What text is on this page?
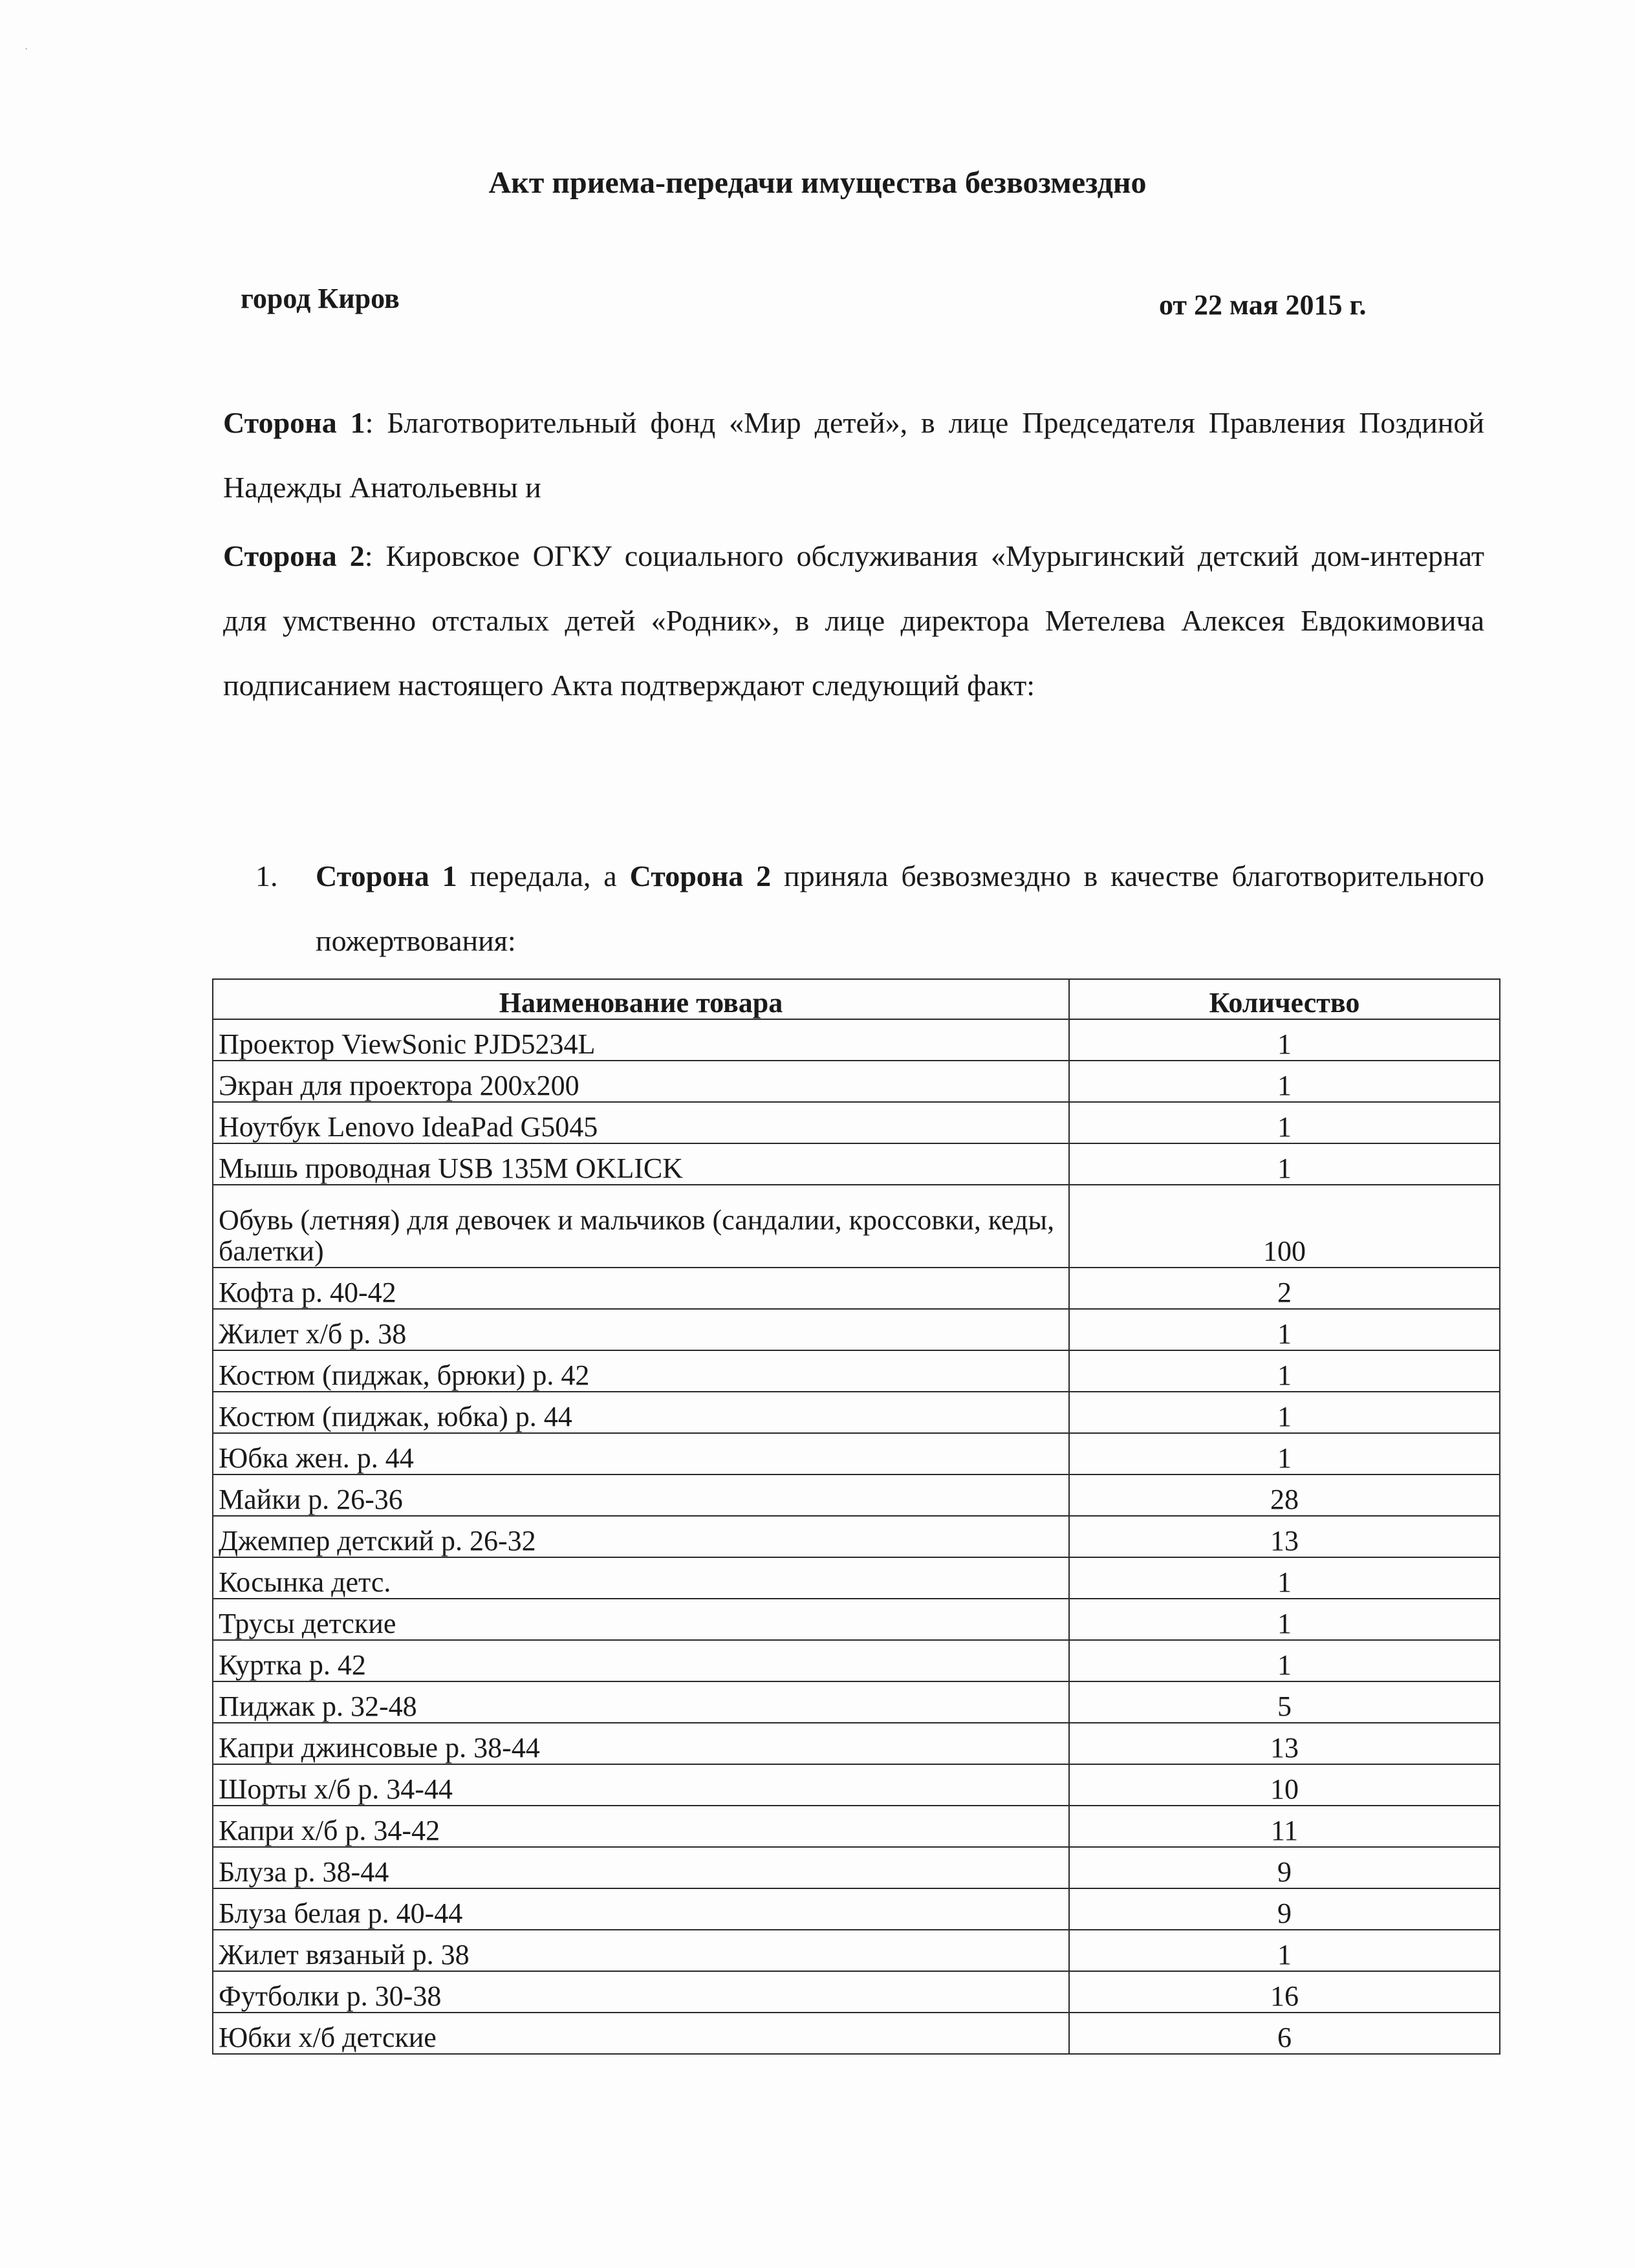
·
Акт приема-передачи имущества безвозмездно
город Киров	от 22 мая 2015 г.
Сторона 1: Благотворительный фонд «Мир детей», в лице Председателя Правления Поздиной Надежды Анатольевны и
Сторона 2: Кировское ОГКУ социального обслуживания «Мурыгинский детский дом-интернат для умственно отсталых детей «Родник», в лице директора Метелева Алексея Евдокимовича подписанием настоящего Акта подтверждают следующий факт:
1. Сторона 1 передала, а Сторона 2 приняла безвозмездно в качестве благотворительного пожертвования:
Наименование товара	Количество
Проектор ViewSonic PJD5234L	1
Экран для проектора 200х200	1
Ноутбук Lenovo IdeaPad G5045	1
Мышь проводная USB 135M OKLICK	1
Обувь (летняя) для девочек и мальчиков (сандалии, кроссовки, кеды, балетки)	100
Кофта р. 40-42	2
Жилет х/б р. 38	1
Костюм (пиджак, брюки) р. 42	1
Костюм (пиджак, юбка) р. 44	1
Юбка жен. р. 44	1
Майки р. 26-36	28
Джемпер детский р. 26-32	13
Косынка детс.	1
Трусы детские	1
Куртка р. 42	1
Пиджак р. 32-48	5
Капри джинсовые р. 38-44	13
Шорты х/б р. 34-44	10
Капри х/б р. 34-42	11
Блуза р. 38-44	9
Блуза белая р. 40-44	9
Жилет вязаный р. 38	1
Футболки р. 30-38	16
Юбки х/б детские	6
